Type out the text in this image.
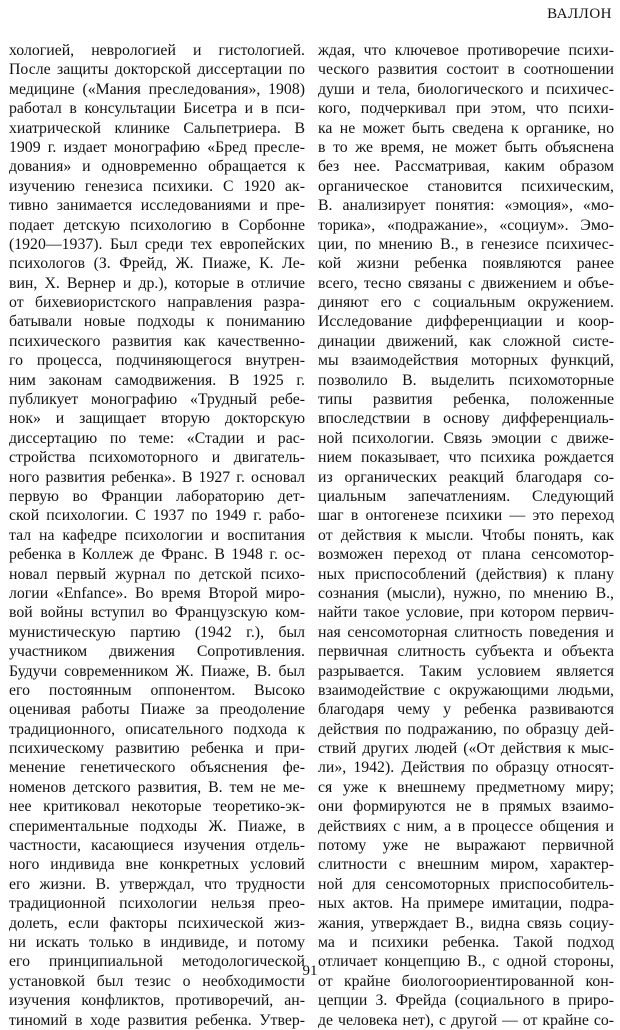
ВАЛЛОН
хологией, неврологией и гистологией.
После защиты докторской диссертации по
медицине («Мания преследования», 1908)
работал в консультации Бисетра и в пси-
хиатрической клинике Сальпетриера. В
1909 г. издает монографию «Бред пресле-
дования» и одновременно обращается к
изучению генезиса психики. С 1920 ак-
тивно занимается исследованиями и пре-
подает детскую психологию в Сорбонне
(1920—1937). Был среди тех европейских
психологов (З. Фрейд, Ж. Пиаже, К. Ле-
вин, Х. Вернер и др.), которые в отличие
от бихевиористского направления разра-
батывали новые подходы к пониманию
психического развития как качественно-
го процесса, подчиняющегося внутрен-
ним законам самодвижения. В 1925 г.
публикует монографию «Трудный ребе-
нок» и защищает вторую докторскую
диссертацию по теме: «Стадии и рас-
стройства психомоторного и двигатель-
ного развития ребенка». В 1927 г. основал
первую во Франции лабораторию дет-
ской психологии. С 1937 по 1949 г. рабо-
тал на кафедре психологии и воспитания
ребенка в Коллеж де Франс. В 1948 г. ос-
новал первый журнал по детской психо-
логии «Enfance». Во время Второй миро-
вой войны вступил во Французскую ком-
мунистическую партию (1942 г.), был
участником движения Сопротивления.
Будучи современником Ж. Пиаже, В. был
его постоянным оппонентом. Высоко
оценивая работы Пиаже за преодоление
традиционного, описательного подхода к
психическому развитию ребенка и при-
менение генетического объяснения фе-
номенов детского развития, В. тем не ме-
нее критиковал некоторые теоретико-эк-
спериментальные подходы Ж. Пиаже, в
частности, касающиеся изучения отдель-
ного индивида вне конкретных условий
его жизни. В. утверждал, что трудности
традиционной психологии нельзя прео-
долеть, если факторы психической жиз-
ни искать только в индивиде, и потому
его принципиальной методологической
установкой был тезис о необходимости
изучения конфликтов, противоречий, ан-
тиномий в ходе развития ребенка. Утвер-
ждая, что ключевое противоречие психи-
ческого развития состоит в соотношении
души и тела, биологического и психичес-
кого, подчеркивал при этом, что психи-
ка не может быть сведена к органике, но
в то же время, не может быть объяснена
без нее. Рассматривая, каким образом
органическое становится психическим,
В. анализирует понятия: «эмоция», «мо-
торика», «подражание», «социум». Эмо-
ции, по мнению В., в генезисе психичес-
кой жизни ребенка появляются ранее
всего, тесно связаны с движением и объе-
диняют его с социальным окружением.
Исследование дифференциации и коор-
динации движений, как сложной систе-
мы взаимодействия моторных функций,
позволило В. выделить психомоторные
типы развития ребенка, положенные
впоследствии в основу дифференциаль-
ной психологии. Связь эмоции с движе-
нием показывает, что психика рождается
из органических реакций благодаря со-
циальным запечатлениям. Следующий
шаг в онтогенезе психики — это переход
от действия к мысли. Чтобы понять, как
возможен переход от плана сенсомотор-
ных приспособлений (действия) к плану
сознания (мысли), нужно, по мнению В.,
найти такое условие, при котором первич-
ная сенсомоторная слитность поведения и
первичная слитность субъекта и объекта
разрывается. Таким условием является
взаимодействие с окружающими людьми,
благодаря чему у ребенка развиваются
действия по подражанию, по образцу дей-
ствий других людей («От действия к мыс-
ли», 1942). Действия по образцу относят-
ся уже к внешнему предметному миру;
они формируются не в прямых взаимо-
действиях с ним, а в процессе общения и
потому уже не выражают первичной
слитности с внешним миром, характер-
ной для сенсомоторных приспособитель-
ных актов. На примере имитации, подра-
жания, утверждает В., видна связь социу-
ма и психики ребенка. Такой подход
отличает концепцию В., с одной стороны,
от крайне биологоориентированной кон-
цепции З. Фрейда (социального в приро-
де человека нет), с другой — от крайне со-
91
